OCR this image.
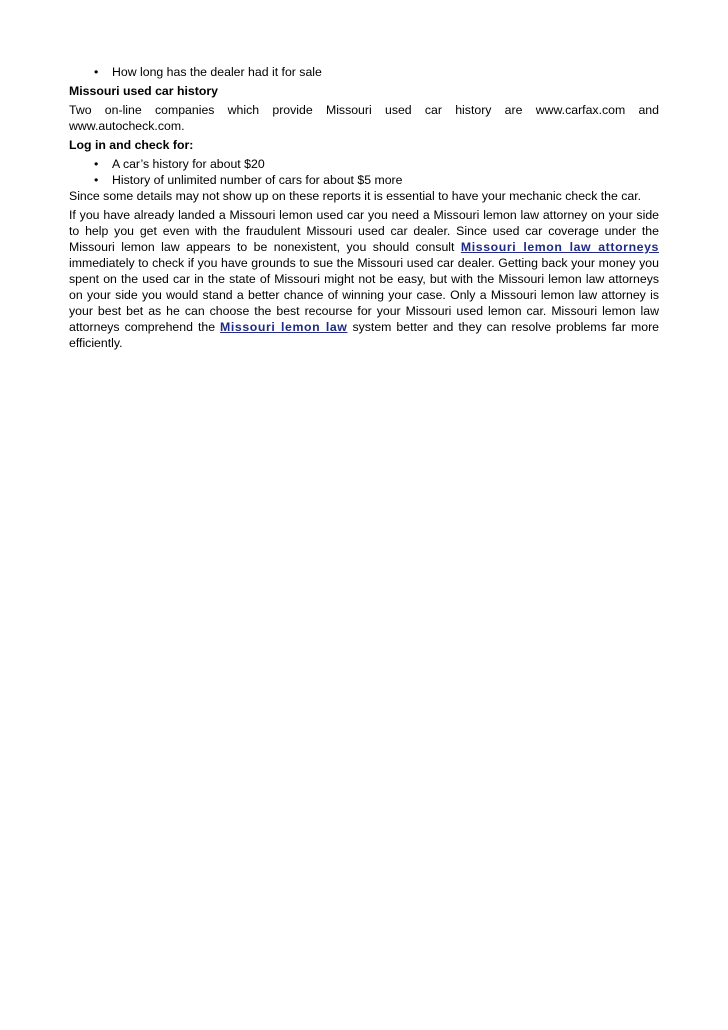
• How long has the dealer had it for sale
Missouri used car history

Two on-line companies which provide Missouri used car history are www.carfax.com and
www.autocheck.com.

Log in and check for:
• A car’s history for about $20
• History of unlimited number of cars for about $5 more

Since some details may not show up on these reports it is essential to have your mechanic check the car.

If you have already landed a Missouri lemon used car you need a Missouri lemon law attorney on your side to help you get even with the fraudulent Missouri used car dealer. Since used car coverage under the Missouri lemon law appears to be nonexistent, you should consult Missouri lemon law attorneys immediately to check if you have grounds to sue the Missouri used car dealer. Getting back your money you spent on the used car in the state of Missouri might not be easy, but with the Missouri lemon law attorneys on your side you would stand a better chance of winning your case. Only a Missouri lemon law attorney is your best bet as he can choose the best recourse for your Missouri used lemon car. Missouri lemon law attorneys comprehend the Missouri lemon law system better and they can resolve problems far more efficiently.
